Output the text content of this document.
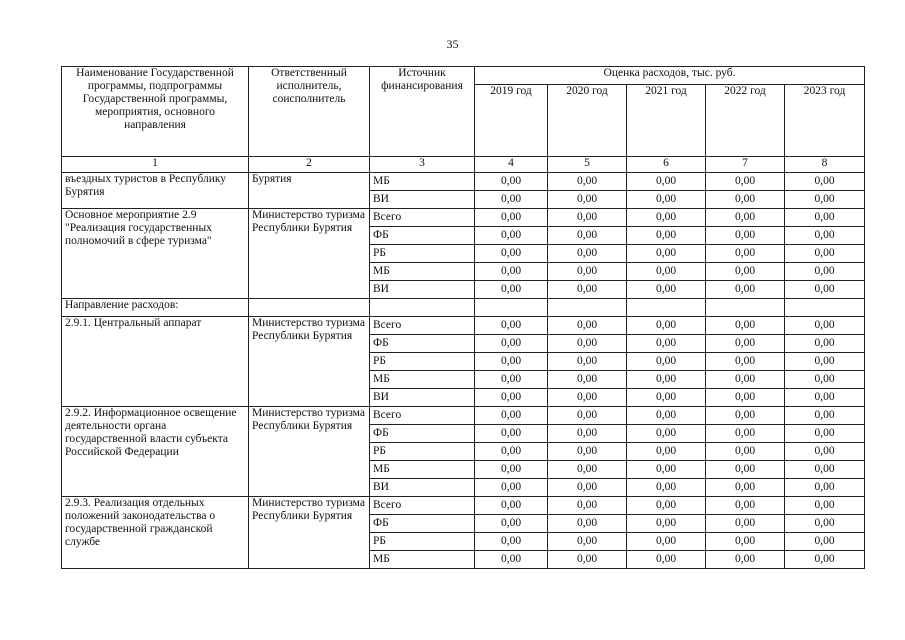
35
Наименование Государственной программы, подпрограммы Государственной программы, мероприятия, основного направления	Ответственный исполнитель, соисполнитель	Источник финансирования	Оценка расходов, тыс. руб.				
			2019 год	2020 год	2021 год	2022 год	2023 год
1	2	3	4	5	6	7	8
въездных туристов в Республику Бурятия	Бурятия	МБ	0,00	0,00	0,00	0,00	0,00
		ВИ	0,00	0,00	0,00	0,00	0,00
Основное мероприятие 2.9 "Реализация государственных полномочий в сфере туризма"	Министерство туризма Республики Бурятия	Всего	0,00	0,00	0,00	0,00	0,00
		ФБ	0,00	0,00	0,00	0,00	0,00
		РБ	0,00	0,00	0,00	0,00	0,00
		МБ	0,00	0,00	0,00	0,00	0,00
		ВИ	0,00	0,00	0,00	0,00	0,00
Направление расходов:							
2.9.1. Центральный аппарат	Министерство туризма Республики Бурятия	Всего	0,00	0,00	0,00	0,00	0,00
		ФБ	0,00	0,00	0,00	0,00	0,00
		РБ	0,00	0,00	0,00	0,00	0,00
		МБ	0,00	0,00	0,00	0,00	0,00
		ВИ	0,00	0,00	0,00	0,00	0,00
2.9.2. Информационное освещение деятельности органа государственной власти субъекта Российской Федерации	Министерство туризма Республики Бурятия	Всего	0,00	0,00	0,00	0,00	0,00
		ФБ	0,00	0,00	0,00	0,00	0,00
		РБ	0,00	0,00	0,00	0,00	0,00
		МБ	0,00	0,00	0,00	0,00	0,00
		ВИ	0,00	0,00	0,00	0,00	0,00
2.9.3. Реализация отдельных положений законодательства о государственной гражданской службе	Министерство туризма Республики Бурятия	Всего	0,00	0,00	0,00	0,00	0,00
		ФБ	0,00	0,00	0,00	0,00	0,00
		РБ	0,00	0,00	0,00	0,00	0,00
		МБ	0,00	0,00	0,00	0,00	0,00
